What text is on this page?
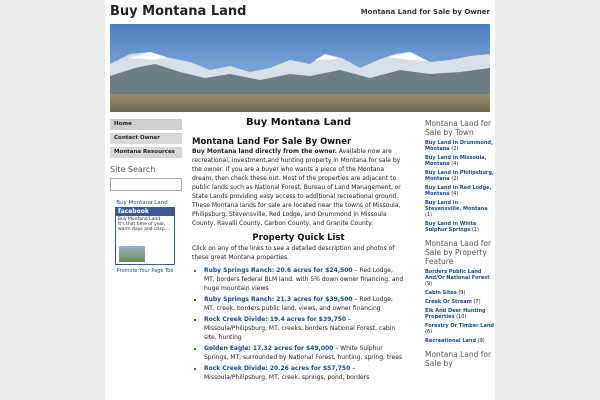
Buy Montana Land	Montana Land for Sale by Owner
Home
Contact Owner
Montana Resources
Site Search
Buy Montana Land
facebook
Buy Montana Land
It's that time of year, warm days and crisp...
Promote Your Page Too
Buy Montana Land
Montana Land For Sale By Owner

Buy Montana land directly from the owner. Available now are recreational, investment,and hunting property in Montana for sale by the owner. If you are a buyer who wants a piece of the Montana dream, then check these out. Most of the properties are adjacent to public lands such as National Forest, Bureau of Land Management, or State Lands providing easy access to additional recreational ground. These Montana lands for sale are located near the towns of Missoula, Philipsburg, Stevensville, Red Lodge, and Drummond in Missoula County, Ravalli County, Carbon County, and Granite County.

Property Quick List

Click on any of the links to see a detailed description and photos of these great Montana properties.

• Ruby Springs Ranch: 20.6 acres for $24,500 – Red Lodge, MT, borders federal BLM land, with 5% down owner financing, and huge mountain views
• Ruby Springs Ranch: 21.3 acres for $39,500 – Red Lodge, MT, creek, borders public land, views, and owner financing
• Rock Creek Divide: 19.4 acres for $39,750 – Missoula/Philipsburg, MT, creeks, borders National Forest, cabin site, hunting
• Golden Eagle: 17.32 acres for $49,000 – White Sulphur Springs, MT, surrounded by National Forest, hunting, spring, trees
• Rock Creek Divide: 20.26 acres for $57,750 – Missoula/Philipsburg, MT, creek, springs, pond, borders
Montana Land for Sale by Town
Buy Land in Drummond, Montana (2)
Buy Land in Missoula, Montana (4)
Buy Land in Philipsburg, Montana (2)
Buy Land in Red Lodge, Montana (4)
Buy Land in Stevensville, Montana (1)
Buy Land in White Sulphur Springs (1)
Montana Land for Sale by Property Feature
Borders Public Land And/Or National Forest (9)
Cabin Sites (9)
Creek Or Stream (7)
Elk And Deer Hunting Properties (10)
Forestry Or Timber Land (6)
Recreational Land (9)
Montana Land for Sale by
